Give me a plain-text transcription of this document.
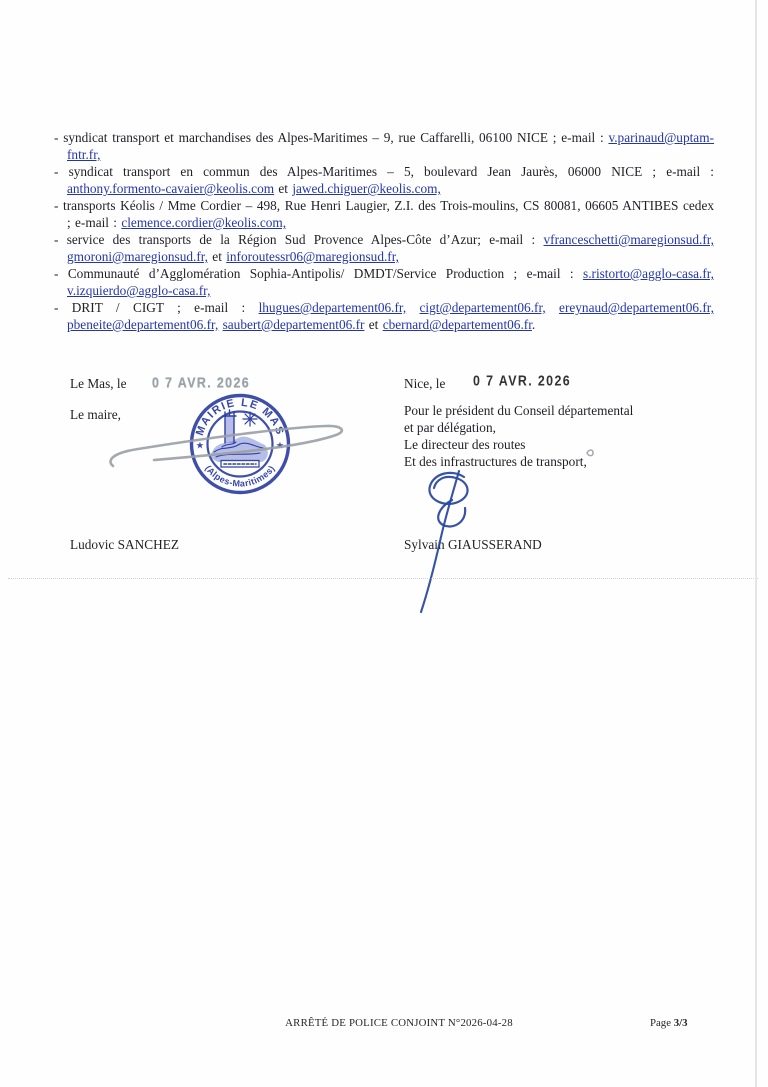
- syndicat transport et marchandises des Alpes-Maritimes – 9, rue Caffarelli, 06100 NICE ; e-mail : v.parinaud@uptam-fntr.fr,
- syndicat transport en commun des Alpes-Maritimes – 5, boulevard Jean Jaurès, 06000 NICE ; e-mail : anthony.formento-cavaier@keolis.com et jawed.chiguer@keolis.com,
- transports Kéolis / Mme Cordier – 498, Rue Henri Laugier, Z.I. des Trois-moulins, CS 80081, 06605 ANTIBES cedex ; e-mail : clemence.cordier@keolis.com,
- service des transports de la Région Sud Provence Alpes-Côte d’Azur; e-mail : vfranceschetti@maregionsud.fr, gmoroni@maregionsud.fr, et inforoutessr06@maregionsud.fr,
- Communauté d’Agglomération Sophia-Antipolis/ DMDT/Service Production ; e-mail : s.ristorto@agglo-casa.fr, v.izquierdo@agglo-casa.fr,
- DRIT / CIGT ; e-mail : lhugues@departement06.fr, cigt@departement06.fr, ereynaud@departement06.fr, pbeneite@departement06.fr, saubert@departement06.fr et cbernard@departement06.fr.
Le Mas, le 0 7 AVR. 2026
Le maire,
Ludovic SANCHEZ
Nice, le 0 7 AVR. 2026
Pour le président du Conseil départemental
et par délégation,
Le directeur des routes
Et des infrastructures de transport,
Sylvain GIAUSSERAND
MAIRIE LE MAS
(Alpes-Maritimes)
★	★
ARRÊTÉ DE POLICE CONJOINT N°2026-04-28	Page 3/3
